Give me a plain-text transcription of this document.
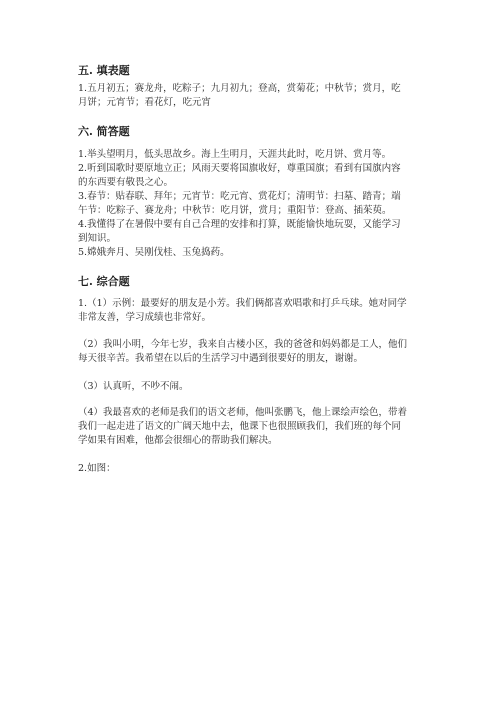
五. 填表题
1.五月初五；赛龙舟，吃粽子；九月初九；登高，赏菊花；中秋节；赏月，吃
月饼；元宵节；看花灯，吃元宵
六. 简答题
1.举头望明月，低头思故乡。海上生明月，天涯共此时，吃月饼、赏月等。
2.听到国歌时要原地立正；风雨天要将国旗收好，尊重国旗；看到有国旗内容
的东西要有敬畏之心。
3.春节：贴春联、拜年；元宵节：吃元宵、赏花灯；清明节：扫墓、踏青；端
午节：吃粽子、赛龙舟；中秋节：吃月饼，赏月；重阳节：登高、插茱萸。
4.我懂得了在暑假中要有自己合理的安排和打算，既能愉快地玩耍，又能学习
到知识。
5.嫦娥奔月、吴刚伐桂、玉兔捣药。
七. 综合题
1.（1）示例：最要好的朋友是小芳。我们俩都喜欢唱歌和打乒乓球。她对同学
非常友善，学习成绩也非常好。
（2）我叫小明，今年七岁，我来自古楼小区，我的爸爸和妈妈都是工人，他们
每天很辛苦。我希望在以后的生活学习中遇到很要好的朋友，谢谢。
（3）认真听，不吵不闹。
（4）我最喜欢的老师是我们的语文老师，他叫张鹏飞，他上课绘声绘色，带着
我们一起走进了语文的广阔天地中去，他课下也很照顾我们，我们班的每个同
学如果有困难，他都会很细心的帮助我们解决。
2.如图：
